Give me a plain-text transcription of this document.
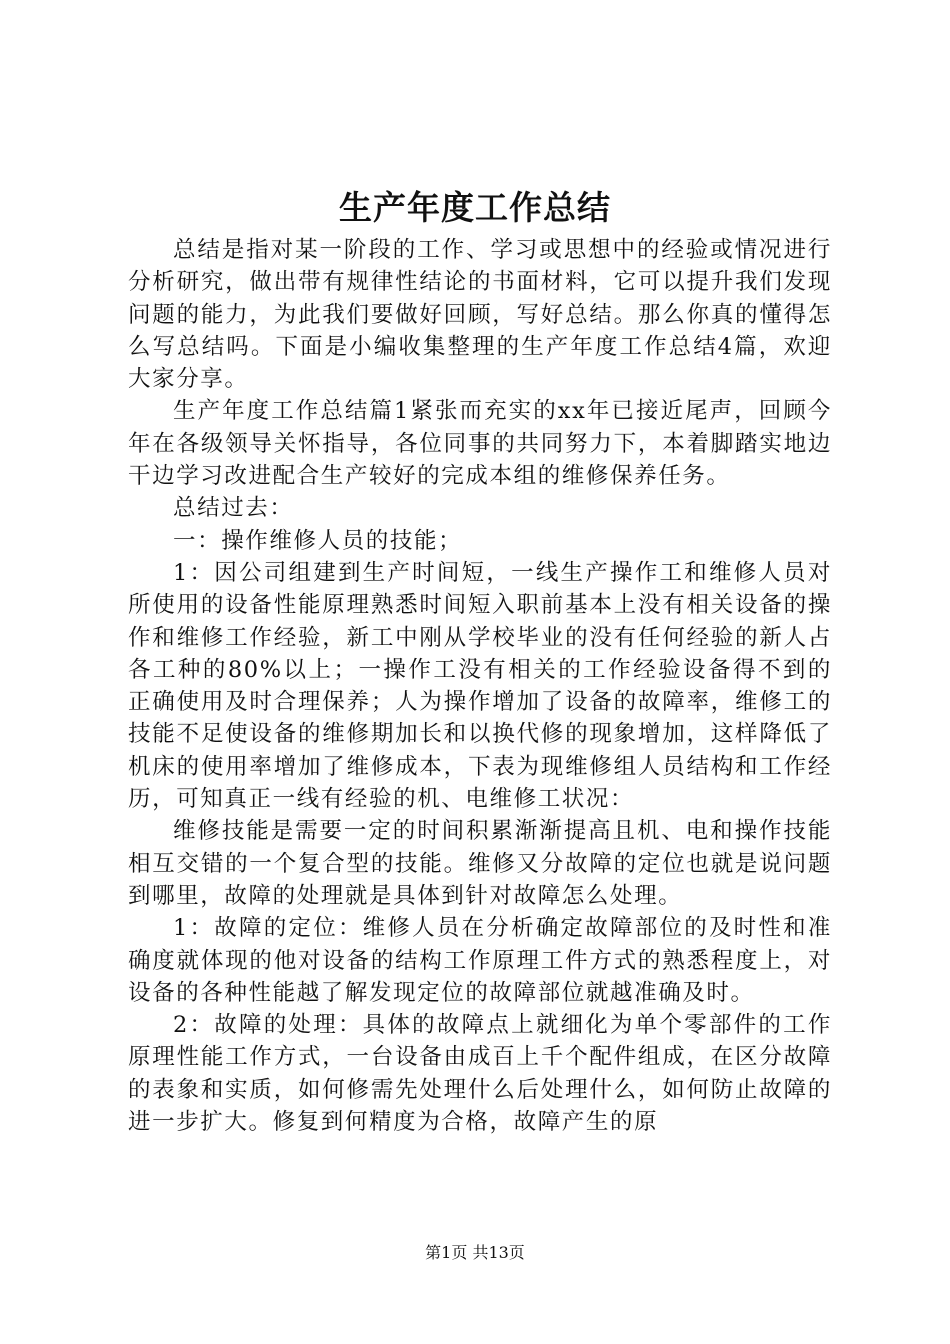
生产年度工作总结

总结是指对某一阶段的工作、学习或思想中的经验或情况进行分析研究，做出带有规律性结论的书面材料，它可以提升我们发现问题的能力，为此我们要做好回顾，写好总结。那么你真的懂得怎么写总结吗。下面是小编收集整理的生产年度工作总结4篇，欢迎大家分享。

生产年度工作总结篇1紧张而充实的xx年已接近尾声，回顾今年在各级领导关怀指导，各位同事的共同努力下，本着脚踏实地边干边学习改进配合生产较好的完成本组的维修保养任务。

总结过去：

一：操作维修人员的技能；

1：因公司组建到生产时间短，一线生产操作工和维修人员对所使用的设备性能原理熟悉时间短入职前基本上没有相关设备的操作和维修工作经验，新工中刚从学校毕业的没有任何经验的新人占各工种的80%以上；一操作工没有相关的工作经验设备得不到的正确使用及时合理保养；人为操作增加了设备的故障率，维修工的技能不足使设备的维修期加长和以换代修的现象增加，这样降低了机床的使用率增加了维修成本，下表为现维修组人员结构和工作经历，可知真正一线有经验的机、电维修工状况：

维修技能是需要一定的时间积累渐渐提高且机、电和操作技能相互交错的一个复合型的技能。维修又分故障的定位也就是说问题到哪里，故障的处理就是具体到针对故障怎么处理。

1：故障的定位：维修人员在分析确定故障部位的及时性和准确度就体现的他对设备的结构工作原理工件方式的熟悉程度上，对设备的各种性能越了解发现定位的故障部位就越准确及时。

2：故障的处理：具体的故障点上就细化为单个零部件的工作原理性能工作方式，一台设备由成百上千个配件组成，在区分故障的表象和实质，如何修需先处理什么后处理什么，如何防止故障的进一步扩大。修复到何精度为合格，故障产生的原

第1页 共13页
